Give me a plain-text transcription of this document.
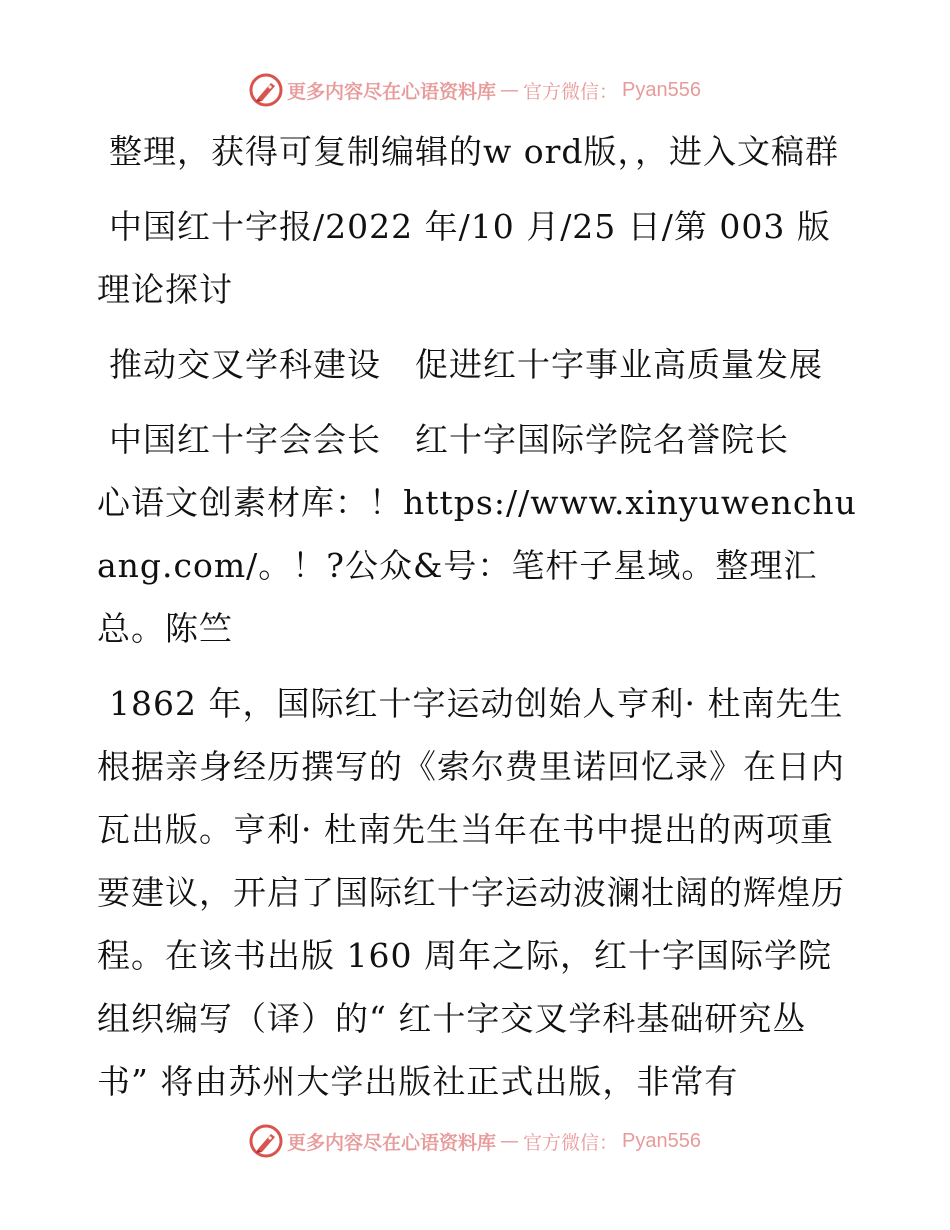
更多内容尽在心语资料库 — 官方微信： Pyan556

整理，获得可复制编辑的w ord版，，进入文稿群

中国红十字报/2022 年/10 月/25 日/第 003 版理论探讨

推动交叉学科建设　促进红十字事业高质量发展

中国红十字会会长　红十字国际学院名誉院长

心语文创素材库：！https://www.xinyuwenchuang.com/。！?公众&号：笔杆子星域。整理汇总。陈竺

1862 年，国际红十字运动创始人亨利· 杜南先生根据亲身经历撰写的《索尔费里诺回忆录》在日内瓦出版。亨利· 杜南先生当年在书中提出的两项重要建议，开启了国际红十字运动波澜壮阔的辉煌历程。在该书出版 160 周年之际，红十字国际学院组织编写（译）的“ 红十字交叉学科基础研究丛书” 将由苏州大学出版社正式出版，非常有

更多内容尽在心语资料库 — 官方微信： Pyan556
